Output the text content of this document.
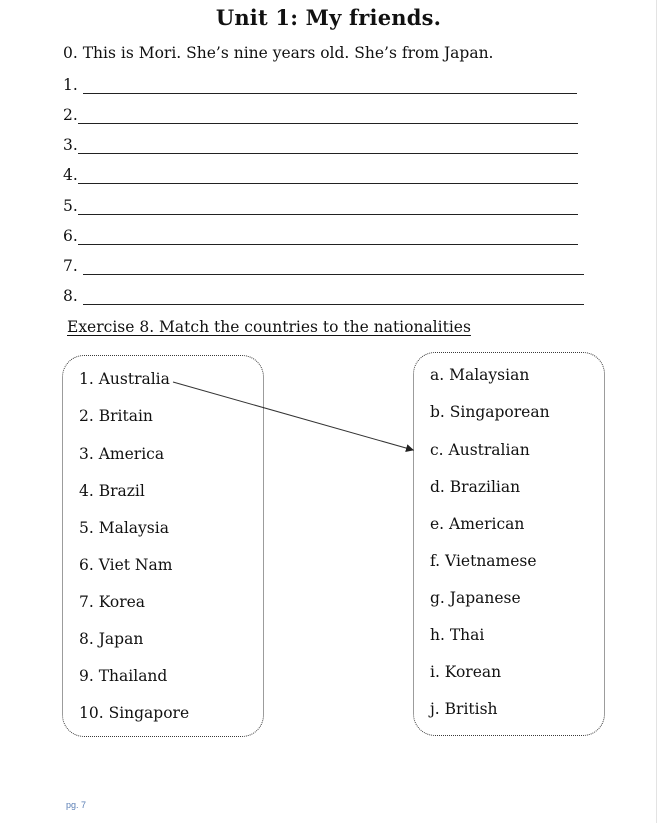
Unit 1: My friends.
0. This is Mori. She’s nine years old. She’s from Japan.
1.
2.
3.
4.
5.
6.
7.
8.
Exercise 8. Match the countries to the nationalities
1. Australia
2. Britain
3. America
4. Brazil
5. Malaysia
6. Viet Nam
7. Korea
8. Japan
9. Thailand
10. Singapore
a. Malaysian
b. Singaporean
c. Australian
d. Brazilian
e. American
f. Vietnamese
g. Japanese
h. Thai
i. Korean
j. British
pg. 7
